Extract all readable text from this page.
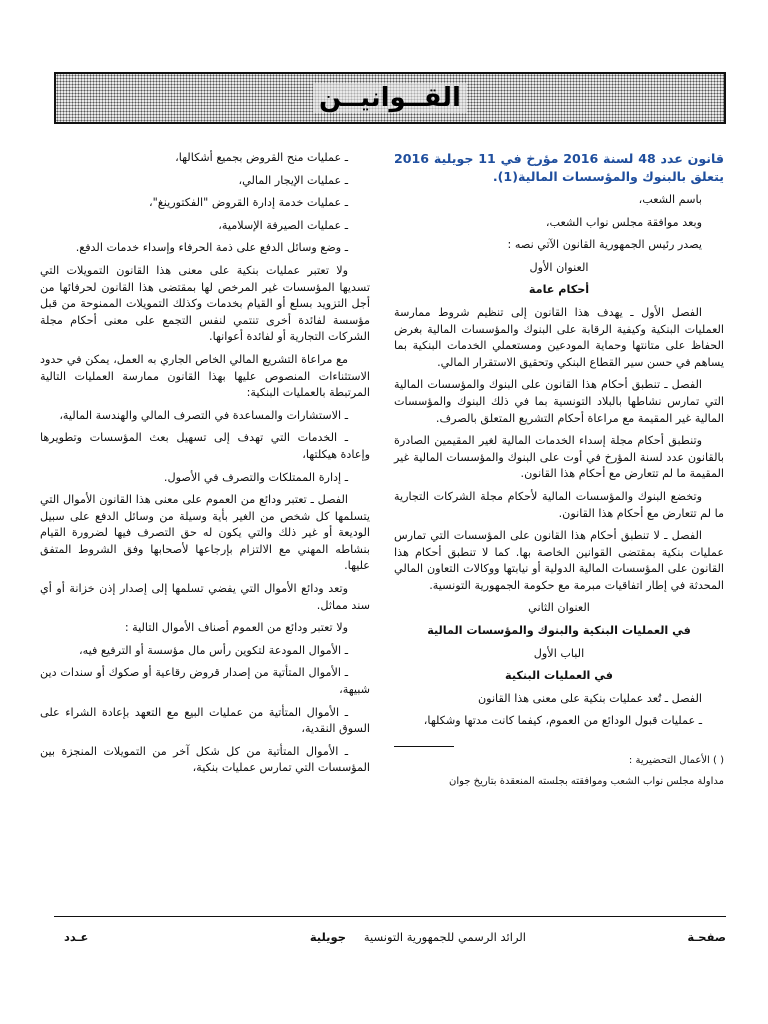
القــوانيــن

قانون عدد 48 لسنة 2016 مؤرخ في 11 جويلية 2016 يتعلق بالبنوك والمؤسسات المالية(1).

باسم الشعب،

وبعد موافقة مجلس نواب الشعب،

يصدر رئيس الجمهورية القانون الآتي نصه :

العنوان الأول

أحكام عامة

الفصل الأول ـ يهدف هذا القانون إلى تنظيم شروط ممارسة العمليات البنكية وكيفية الرقابة على البنوك والمؤسسات المالية بغرض الحفاظ على متانتها وحماية المودعين ومستعملي الخدمات البنكية بما يساهم في حسن سير القطاع البنكي وتحقيق الاستقرار المالي.

الفصل ـ تنطبق أحكام هذا القانون على البنوك والمؤسسات المالية التي تمارس نشاطها بالبلاد التونسية بما في ذلك البنوك والمؤسسات المالية غير المقيمة مع مراعاة أحكام التشريع المتعلق بالصرف.

وتنطبق أحكام مجلة إسداء الخدمات المالية لغير المقيمين الصادرة بالقانون عدد لسنة المؤرخ في أوت على البنوك والمؤسسات المالية غير المقيمة ما لم تتعارض مع أحكام هذا القانون.

وتخضع البنوك والمؤسسات المالية لأحكام مجلة الشركات التجارية ما لم تتعارض مع أحكام هذا القانون.

الفصل ـ لا تنطبق أحكام هذا القانون على المؤسسات التي تمارس عمليات بنكية بمقتضى القوانين الخاصة بها. كما لا تنطبق أحكام هذا القانون على المؤسسات المالية الدولية أو نيابتها ووكالات التعاون المالي المحدثة في إطار اتفاقيات مبرمة مع حكومة الجمهورية التونسية.

العنوان الثاني

في العمليات البنكية والبنوك والمؤسسات المالية

الباب الأول

في العمليات البنكية

الفصل ـ تُعد عمليات بنكية على معنى هذا القانون

ـ عمليات قبول الودائع من العموم، كيفما كانت مدتها وشكلها،

( ) الأعمال التحضيرية :

مداولة مجلس نواب الشعب وموافقته بجلسته المنعقدة بتاريخ جوان

ـ عمليات منح القروض بجميع أشكالها،

ـ عمليات الإيجار المالي،

ـ عمليات خدمة إدارة القروض "الفكتورينغ"،

ـ عمليات الصيرفة الإسلامية،

ـ وضع وسائل الدفع على ذمة الحرفاء وإسداء خدمات الدفع.

ولا تعتبر عمليات بنكية على معنى هذا القانون التمويلات التي تسديها المؤسسات غير المرخص لها بمقتضى هذا القانون لحرفائها من أجل التزويد بسلع أو القيام بخدمات وكذلك التمويلات الممنوحة من قبل مؤسسة لفائدة أخرى تنتمي لنفس التجمع على معنى أحكام مجلة الشركات التجارية أو لفائدة أعوانها.

مع مراعاة التشريع المالي الخاص الجاري به العمل، يمكن في حدود الاستثناءات المنصوص عليها بهذا القانون ممارسة العمليات التالية المرتبطة بالعمليات البنكية:

ـ الاستشارات والمساعدة في التصرف المالي والهندسة المالية،

ـ الخدمات التي تهدف إلى تسهيل بعث المؤسسات وتطويرها وإعادة هيكلتها،

ـ إدارة الممتلكات والتصرف في الأصول.

الفصل ـ تعتبر ودائع من العموم على معنى هذا القانون الأموال التي يتسلمها كل شخص من الغير بأية وسيلة من وسائل الدفع على سبيل الوديعة أو غير ذلك والتي يكون له حق التصرف فيها لضرورة القيام بنشاطه المهني مع الالتزام بإرجاعها لأصحابها وفق الشروط المتفق عليها.

وتعد ودائع الأموال التي يفضي تسلمها إلى إصدار إذن خزانة أو أي سند مماثل.

ولا تعتبر ودائع من العموم أصناف الأموال التالية :

ـ الأموال المودعة لتكوين رأس مال مؤسسة أو الترفيع فيه،

ـ الأموال المتأتية من إصدار قروض رقاعية أو صكوك أو سندات دين شبيهة،

ـ الأموال المتأتية من عمليات البيع مع التعهد بإعادة الشراء على السوق النقدية،

ـ الأموال المتأتية من كل شكل آخر من التمويلات المنجزة بين المؤسسات التي تمارس عمليات بنكية،

صفحـة
الرائد الرسمي للجمهورية التونسية
جويلية
عـدد
